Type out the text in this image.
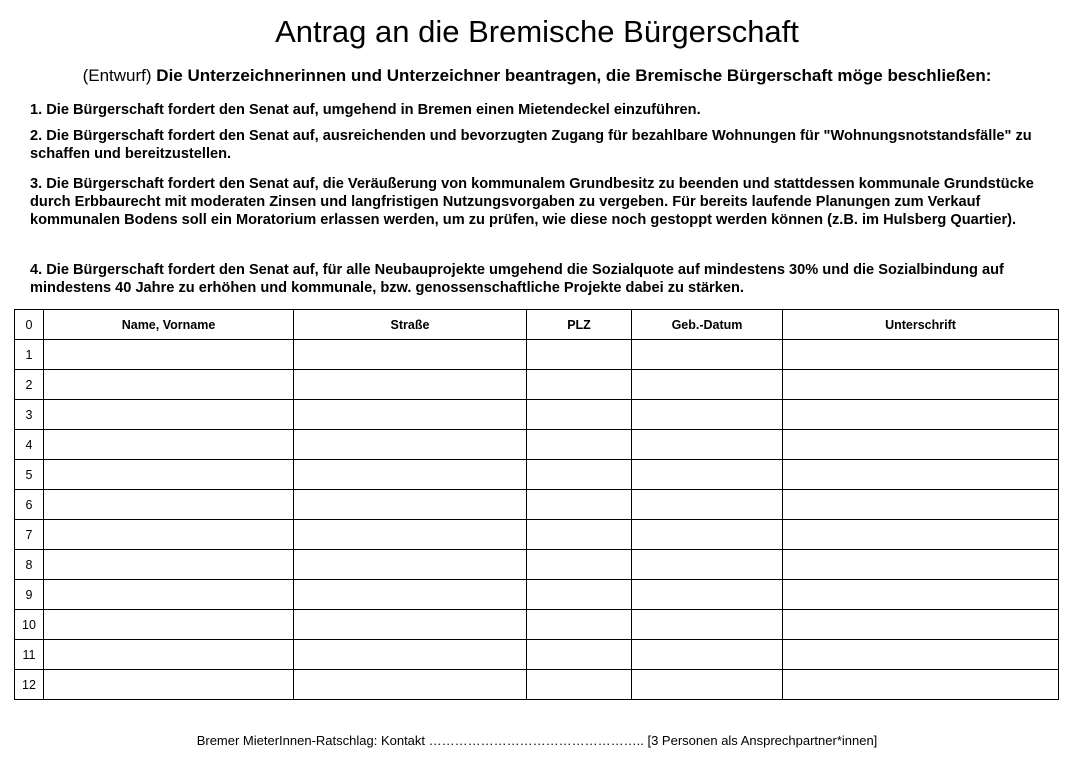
Antrag an die Bremische Bürgerschaft
(Entwurf) Die Unterzeichnerinnen und Unterzeichner beantragen, die Bremische Bürgerschaft möge beschließen:
1. Die Bürgerschaft fordert den Senat auf, umgehend in Bremen einen Mietendeckel einzuführen.
2. Die Bürgerschaft fordert den Senat auf, ausreichenden und bevorzugten Zugang für bezahlbare Wohnungen für "Wohnungsnotstandsfälle" zu schaffen und bereitzustellen.
3. Die Bürgerschaft fordert den Senat auf, die Veräußerung von kommunalem Grundbesitz zu beenden und stattdessen kommunale Grundstücke durch Erbbaurecht mit moderaten Zinsen und langfristigen Nutzungsvorgaben zu vergeben. Für bereits laufende Planungen zum Verkauf kommunalen Bodens soll ein Moratorium erlassen werden, um zu prüfen, wie diese noch gestoppt werden können (z.B. im Hulsberg Quartier).
4. Die Bürgerschaft fordert den Senat auf, für alle Neubauprojekte umgehend die Sozialquote auf mindestens 30% und die Sozialbindung auf mindestens 40 Jahre zu erhöhen und kommunale, bzw. genossenschaftliche Projekte dabei zu stärken.
0	Name, Vorname	Straße	PLZ	Geb.-Datum	Unterschrift
1					
2					
3					
4					
5					
6					
7					
8					
9					
10					
11					
12					
Bremer MieterInnen-Ratschlag: Kontakt ………………………………………….. [3 Personen als Ansprechpartner*innen]
